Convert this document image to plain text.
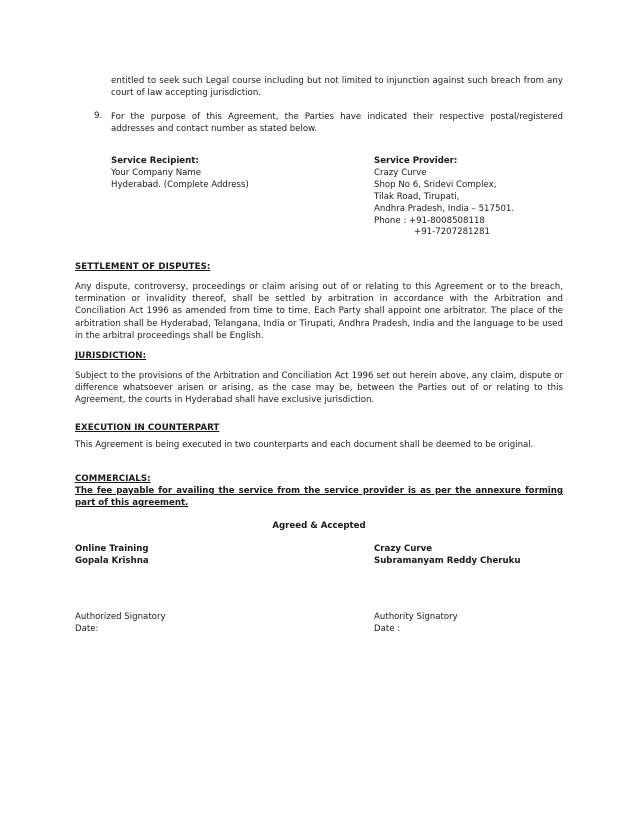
entitled to seek such Legal course including but not limited to injunction against such breach from any court of law accepting jurisdiction.
9. For the purpose of this Agreement, the Parties have indicated their respective postal/registered addresses and contact number as stated below.
Service Recipient:
Your Company Name
Hyderabad. (Complete Address)
Service Provider:
Crazy Curve
Shop No 6, Sridevi Complex,
Tilak Road, Tirupati,
Andhra Pradesh, India – 517501.
Phone : +91-8008508118
+91-7207281281
SETTLEMENT OF DISPUTES:
Any dispute, controversy, proceedings or claim arising out of or relating to this Agreement or to the breach, termination or invalidity thereof, shall be settled by arbitration in accordance with the Arbitration and Conciliation Act 1996 as amended from time to time. Each Party shall appoint one arbitrator. The place of the arbitration shall be Hyderabad, Telangana, India or Tirupati, Andhra Pradesh, India and the language to be used in the arbitral proceedings shall be English.
JURISDICTION:
Subject to the provisions of the Arbitration and Conciliation Act 1996 set out herein above, any claim, dispute or difference whatsoever arisen or arising, as the case may be, between the Parties out of or relating to this Agreement, the courts in Hyderabad shall have exclusive jurisdiction.
EXECUTION IN COUNTERPART
This Agreement is being executed in two counterparts and each document shall be deemed to be original.
COMMERCIALS:
The fee payable for availing the service from the service provider is as per the annexure forming part of this agreement.
Agreed & Accepted
Online Training
Gopala Krishna
Crazy Curve
Subramanyam Reddy Cheruku
Authorized Signatory
Date:
Authority Signatory
Date :
